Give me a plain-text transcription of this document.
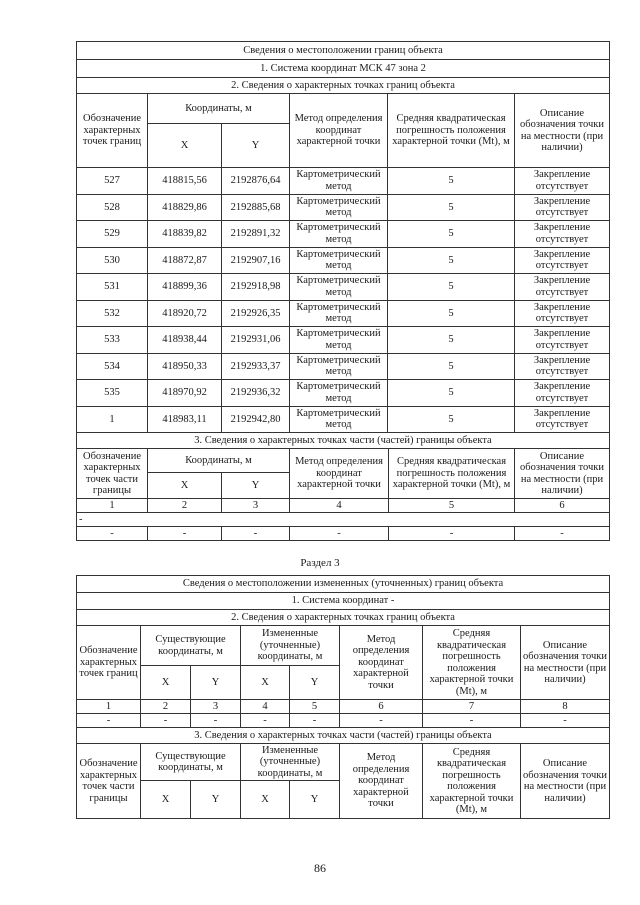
Сведения о местоположении границ объекта					
1. Система координат МСК 47 зона 2					
2. Сведения о характерных точках границ объекта					
Обозначение характерных точек границ	Координаты, м		Метод определения координат характерной точки	Средняя квадратическая погрешность положения характерной точки (Mt), м	Описание обозначения точки на местности (при наличии)
	X	Y			
527	418815,56	2192876,64	Картометрический метод	5	Закрепление отсутствует
528	418829,86	2192885,68	Картометрический метод	5	Закрепление отсутствует
529	418839,82	2192891,32	Картометрический метод	5	Закрепление отсутствует
530	418872,87	2192907,16	Картометрический метод	5	Закрепление отсутствует
531	418899,36	2192918,98	Картометрический метод	5	Закрепление отсутствует
532	418920,72	2192926,35	Картометрический метод	5	Закрепление отсутствует
533	418938,44	2192931,06	Картометрический метод	5	Закрепление отсутствует
534	418950,33	2192933,37	Картометрический метод	5	Закрепление отсутствует
535	418970,92	2192936,32	Картометрический метод	5	Закрепление отсутствует
1	418983,11	2192942,80	Картометрический метод	5	Закрепление отсутствует
3. Сведения о характерных точках части (частей) границы объекта					
Обозначение характерных точек части границы	Координаты, м		Метод определения координат характерной точки	Средняя квадратическая погрешность положения характерной точки (Mt), м	Описание обозначения точки на местности (при наличии)
	X	Y			
1	2	3	4	5	6
-					
-	-	-	-	-	-
Раздел 3
Сведения о местоположении измененных (уточненных) границ объекта							
1. Система координат -							
2. Сведения о характерных точках границ объекта							
Обозначение характерных точек границ	Существующие координаты, м		Измененные (уточненные) координаты, м		Метод определения координат характерной точки	Средняя квадратическая погрешность положения характерной точки (Mt), м	Описание обозначения точки на местности (при наличии)
	X	Y	X	Y			
1	2	3	4	5	6	7	8
-	-	-	-	-	-	-	-
3. Сведения о характерных точках части (частей) границы объекта							
Обозначение характерных точек части границы	Существующие координаты, м		Измененные (уточненные) координаты, м		Метод определения координат характерной точки	Средняя квадратическая погрешность положения характерной точки (Mt), м	Описание обозначения точки на местности (при наличии)
	X	Y	X	Y			
86
